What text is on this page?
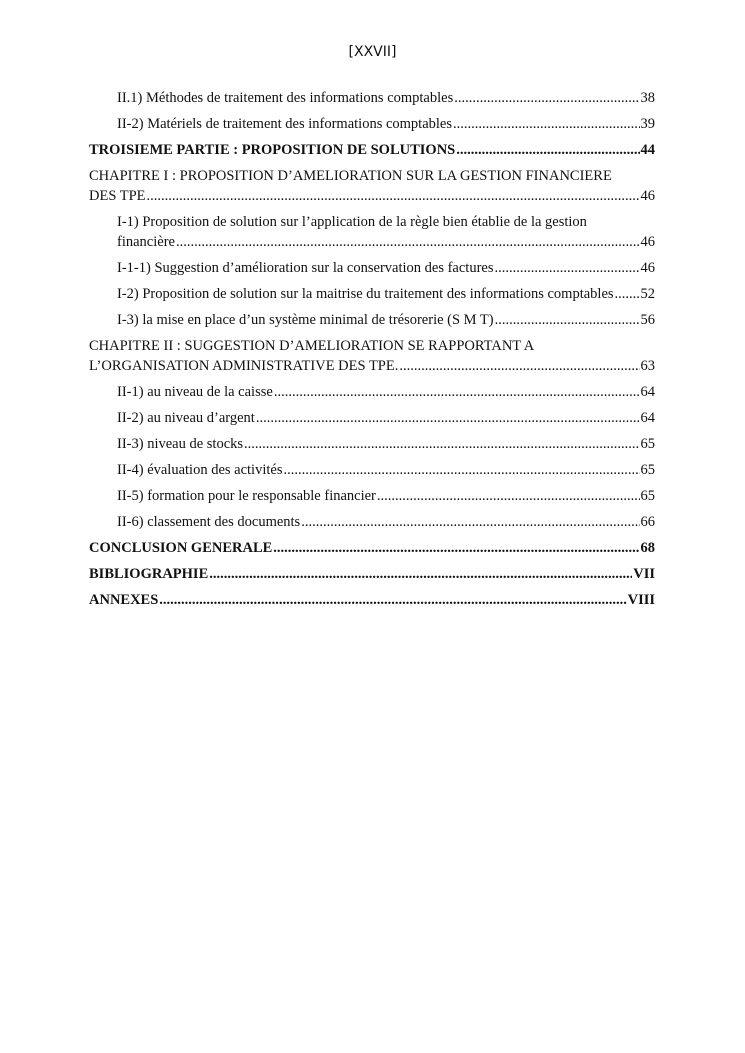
[XXVII]
II.1) Méthodes de traitement des informations comptables .....	38
II-2) Matériels de traitement des informations comptables .....	39
TROISIEME PARTIE : PROPOSITION DE SOLUTIONS .....	44
CHAPITRE I : PROPOSITION D’AMELIORATION SUR LA GESTION FINANCIERE
DES TPE .....	46
I-1) Proposition de solution sur l’application de la règle bien établie de la gestion
financière .....	46
I-1-1) Suggestion d’amélioration sur la conservation des factures .....	46
I-2) Proposition de solution sur la maitrise du traitement des informations comptables ..... 52
I-3) la mise en place d’un système minimal de trésorerie (S M T) .....	56
CHAPITRE II : SUGGESTION D’AMELIORATION SE RAPPORTANT A
L’ORGANISATION ADMINISTRATIVE DES TPE. .....	63
II-1) au niveau de la caisse .....	64
II-2) au niveau d’argent .....	64
II-3) niveau de stocks .....	65
II-4) évaluation des activités .....	65
II-5) formation pour le responsable financier .....	65
II-6) classement des documents .....	66
CONCLUSION GENERALE .....	68
BIBLIOGRAPHIE .....	VII
ANNEXES .....	VIII
